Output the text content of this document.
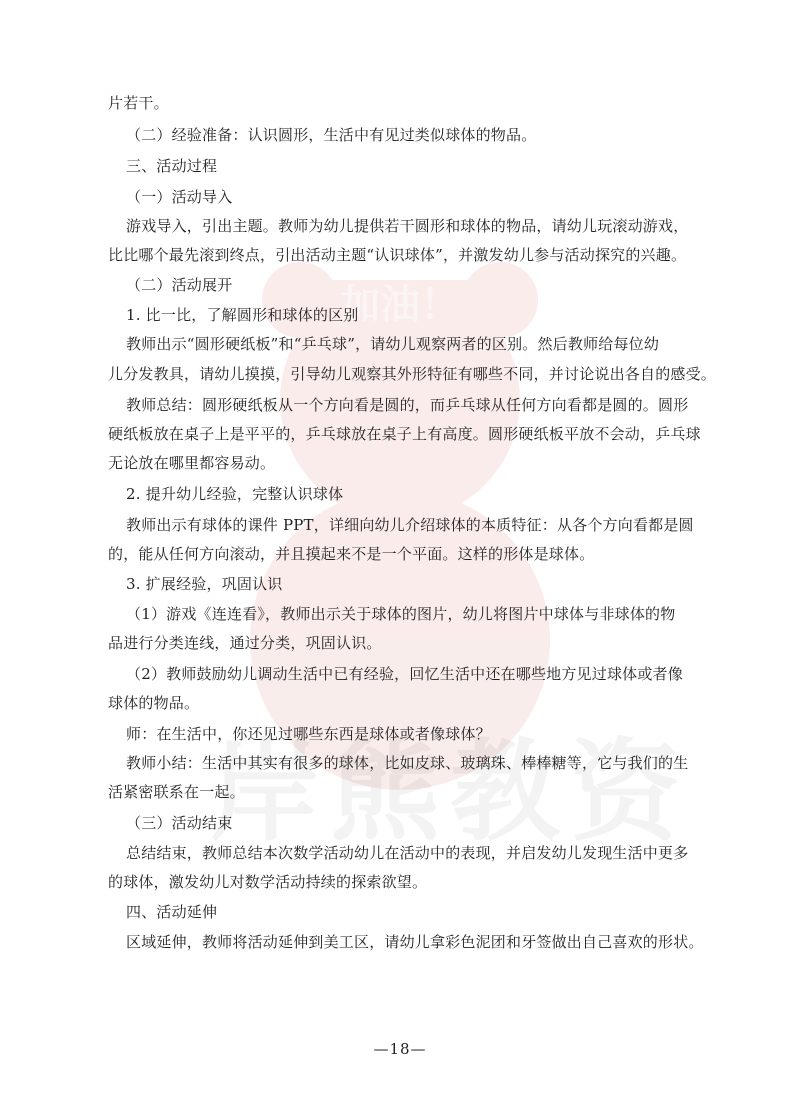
加油！
片若干。
（二）经验准备：认识圆形，生活中有见过类似球体的物品。
三、活动过程
（一）活动导入
游戏导入，引出主题。教师为幼儿提供若干圆形和球体的物品，请幼儿玩滚动游戏，
比比哪个最先滚到终点，引出活动主题“认识球体”，并激发幼儿参与活动探究的兴趣。
（二）活动展开
1. 比一比，了解圆形和球体的区别
教师出示“圆形硬纸板”和“乒乓球”，请幼儿观察两者的区别。然后教师给每位幼
儿分发教具，请幼儿摸摸，引导幼儿观察其外形特征有哪些不同，并讨论说出各自的感受。
教师总结：圆形硬纸板从一个方向看是圆的，而乒乓球从任何方向看都是圆的。圆形
硬纸板放在桌子上是平平的，乒乓球放在桌子上有高度。圆形硬纸板平放不会动，乒乓球
无论放在哪里都容易动。
2. 提升幼儿经验，完整认识球体
教师出示有球体的课件 PPT，详细向幼儿介绍球体的本质特征：从各个方向看都是圆
的，能从任何方向滚动，并且摸起来不是一个平面。这样的形体是球体。
3. 扩展经验，巩固认识
（1）游戏《连连看》，教师出示关于球体的图片，幼儿将图片中球体与非球体的物
品进行分类连线，通过分类，巩固认识。
（2）教师鼓励幼儿调动生活中已有经验，回忆生活中还在哪些地方见过球体或者像
球体的物品。
师：在生活中，你还见过哪些东西是球体或者像球体？
教师小结：生活中其实有很多的球体，比如皮球、玻璃珠、棒棒糖等，它与我们的生
活紧密联系在一起。
（三）活动结束
总结结束，教师总结本次数学活动幼儿在活动中的表现，并启发幼儿发现生活中更多
的球体，激发幼儿对数学活动持续的探索欲望。
四、活动延伸
区域延伸，教师将活动延伸到美工区，请幼儿拿彩色泥团和牙签做出自己喜欢的形状。
—18—
